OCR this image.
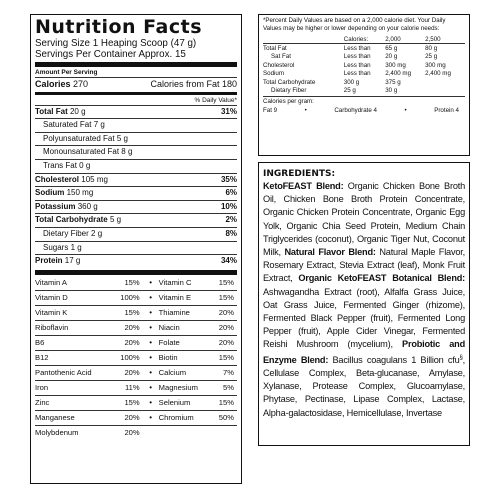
Nutrition Facts
Serving Size 1 Heaping Scoop (47 g)
Servings Per Container Approx. 15
Amount Per Serving
Calories 270	Calories from Fat 180
% Daily Value*
Total Fat 20 g	31%
Saturated Fat 7 g
Polyunsaturated Fat 5 g
Monounsaturated Fat 8 g
Trans Fat 0 g
Cholesterol 105 mg	35%
Sodium 150 mg	6%
Potassium 360 g	10%
Total Carbohydrate 5 g	2%
Dietary Fiber 2 g	8%
Sugars 1 g
Protein 17 g	34%
Vitamin A	15%	•	Vitamin C	15%
Vitamin D	100%	•	Vitamin E	15%
Vitamin K	15%	•	Thiamine	20%
Riboflavin	20%	•	Niacin	20%
B6	20%	•	Folate	20%
B12	100%	•	Biotin	15%
Pantothenic Acid	20%	•	Calcium	7%
Iron	11%	•	Magnesium	5%
Zinc	15%	•	Selenium	15%
Manganese	20%	•	Chromium	50%
Molybdenum	20%			
*Percent Daily Values are based on a 2,000 calorie diet. Your Daily Values may be higher or lower depending on your calorie needs:
	Calories:	2,000	2,500
Total Fat	Less than	65 g	80 g
Sat Fat	Less than	20 g	25 g
Cholesterol	Less than	300 mg	300 mg
Sodium	Less than	2,400 mg	2,400 mg
Total Carbohydrate	300 g	375 g	
Dietary Fiber	25 g	30 g	
Calories per gram:
Fat 9	•	Carbohydrate 4	•	Protein 4
INGREDIENTS:
KetoFEAST Blend: Organic Chicken Bone Broth Oil, Chicken Bone Broth Protein Concentrate, Organic Chicken Protein Concentrate, Organic Egg Yolk, Organic Chia Seed Protein, Medium Chain Triglycerides (coconut), Organic Tiger Nut, Coconut Milk, Natural Flavor Blend: Natural Maple Flavor, Rosemary Extract, Stevia Extract (leaf), Monk Fruit Extract, Organic KetoFEAST Botanical Blend: Ashwagandha Extract (root), Alfalfa Grass Juice, Oat Grass Juice, Fermented Ginger (rhizome), Fermented Black Pepper (fruit), Fermented Long Pepper (fruit), Apple Cider Vinegar, Fermented Reishi Mushroom (mycelium), Probiotic and Enzyme Blend: Bacillus coagulans 1 Billion cfu§, Cellulase Complex, Beta-glucanase, Amylase, Xylanase, Protease Complex, Glucoamylase, Phytase, Pectinase, Lipase Complex, Lactase, Alpha-galactosidase, Hemicellulase, Invertase
